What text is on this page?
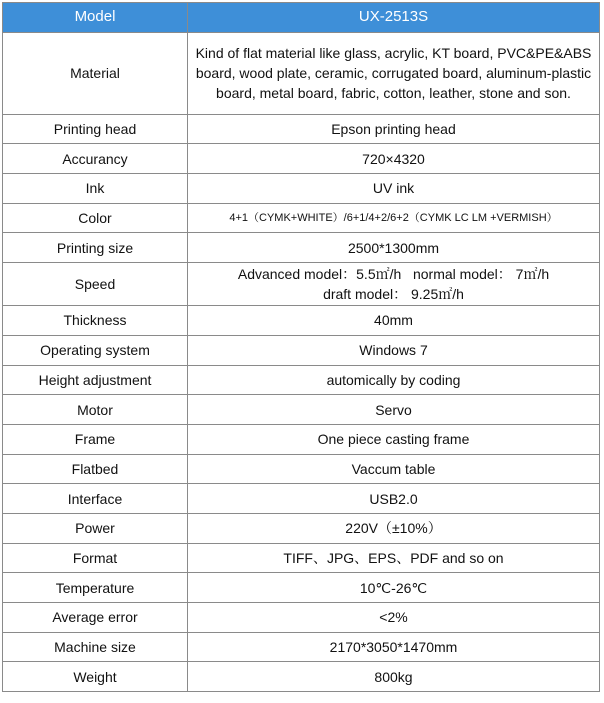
Model	UX-2513S
Material	Kind of flat material like glass, acrylic, KT board, PVC&PE&ABS board, wood plate, ceramic, corrugated board, aluminum-plastic board, metal board, fabric, cotton, leather, stone and son.
Printing head	Epson printing head
Accurancy	720×4320
Ink	UV ink
Color	4+1（CYMK+WHITE）/6+1/4+2/6+2（CYMK LC LM +VERMISH）
Printing size	2500*1300mm
Speed	Advanced model：5.5㎡/h   normal model： 7㎡/h
draft model： 9.25㎡/h

Thickness	40mm
Operating system	Windows 7
Height adjustment	automically by coding
Motor	Servo
Frame	One piece casting frame
Flatbed	Vaccum table
Interface	USB2.0
Power	220V（±10%）
Format	TIFF、JPG、EPS、PDF and so on
Temperature	10℃-26℃
Average error	<2%
Machine size	2170*3050*1470mm
Weight	800kg
